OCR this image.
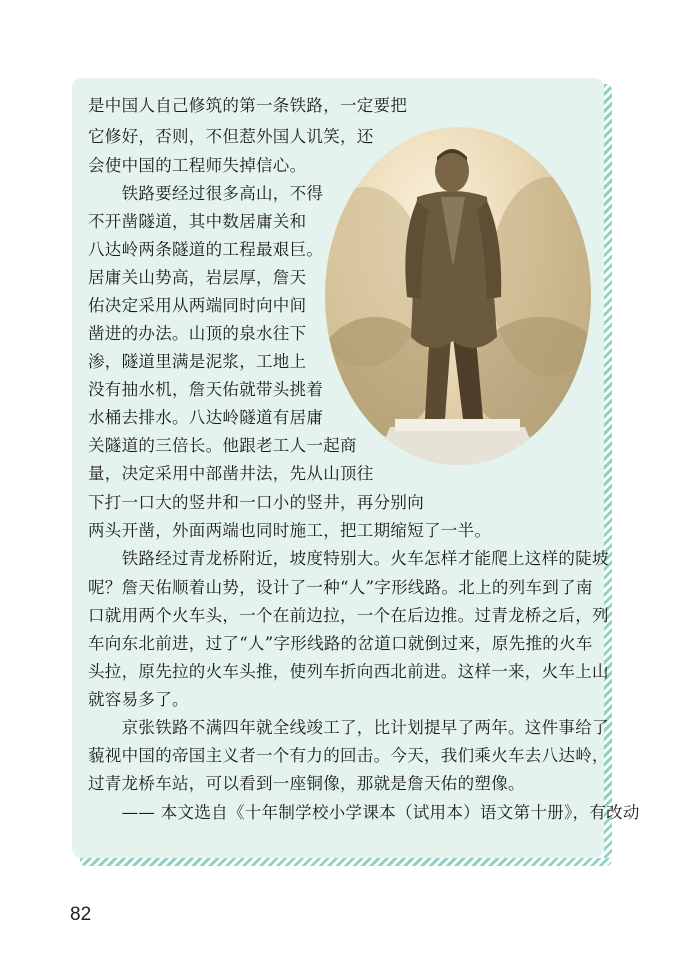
是中国人自己修筑的第一条铁路，一定要把
它修好，否则，不但惹外国人讥笑，还
会使中国的工程师失掉信心。
　　铁路要经过很多高山，不得
不开凿隧道，其中数居庸关和
八达岭两条隧道的工程最艰巨。
居庸关山势高，岩层厚，詹天
佑决定采用从两端同时向中间
凿进的办法。山顶的泉水往下
渗，隧道里满是泥浆，工地上
没有抽水机，詹天佑就带头挑着
水桶去排水。八达岭隧道有居庸
关隧道的三倍长。他跟老工人一起商
量，决定采用中部凿井法，先从山顶往
下打一口大的竖井和一口小的竖井，再分别向
两头开凿，外面两端也同时施工，把工期缩短了一半。
　　铁路经过青龙桥附近，坡度特别大。火车怎样才能爬上这样的陡坡
呢？詹天佑顺着山势，设计了一种“人”字形线路。北上的列车到了南
口就用两个火车头，一个在前边拉，一个在后边推。过青龙桥之后，列
车向东北前进，过了“人”字形线路的岔道口就倒过来，原先推的火车
头拉，原先拉的火车头推，使列车折向西北前进。这样一来，火车上山
就容易多了。
　　京张铁路不满四年就全线竣工了，比计划提早了两年。这件事给了
藐视中国的帝国主义者一个有力的回击。今天，我们乘火车去八达岭，
过青龙桥车站，可以看到一座铜像，那就是詹天佑的塑像。
　　—— 本文选自《十年制学校小学课本（试用本）语文第十册》，有改动
82
